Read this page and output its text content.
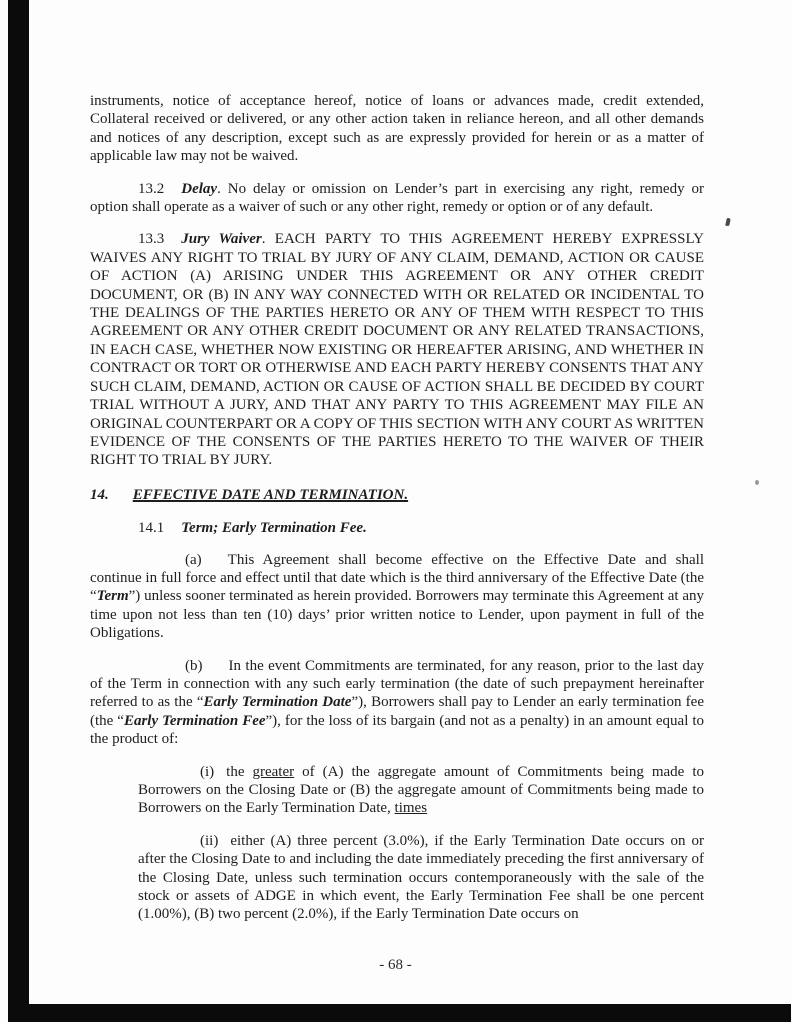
instruments, notice of acceptance hereof, notice of loans or advances made, credit extended, Collateral received or delivered, or any other action taken in reliance hereon, and all other demands and notices of any description, except such as are expressly provided for herein or as a matter of applicable law may not be waived.

13.2 Delay. No delay or omission on Lender’s part in exercising any right, remedy or option shall operate as a waiver of such or any other right, remedy or option or of any default.

13.3 Jury Waiver. EACH PARTY TO THIS AGREEMENT HEREBY EXPRESSLY WAIVES ANY RIGHT TO TRIAL BY JURY OF ANY CLAIM, DEMAND, ACTION OR CAUSE OF ACTION (A) ARISING UNDER THIS AGREEMENT OR ANY OTHER CREDIT DOCUMENT, OR (B) IN ANY WAY CONNECTED WITH OR RELATED OR INCIDENTAL TO THE DEALINGS OF THE PARTIES HERETO OR ANY OF THEM WITH RESPECT TO THIS AGREEMENT OR ANY OTHER CREDIT DOCUMENT OR ANY RELATED TRANSACTIONS, IN EACH CASE, WHETHER NOW EXISTING OR HEREAFTER ARISING, AND WHETHER IN CONTRACT OR TORT OR OTHERWISE AND EACH PARTY HEREBY CONSENTS THAT ANY SUCH CLAIM, DEMAND, ACTION OR CAUSE OF ACTION SHALL BE DECIDED BY COURT TRIAL WITHOUT A JURY, AND THAT ANY PARTY TO THIS AGREEMENT MAY FILE AN ORIGINAL COUNTERPART OR A COPY OF THIS SECTION WITH ANY COURT AS WRITTEN EVIDENCE OF THE CONSENTS OF THE PARTIES HERETO TO THE WAIVER OF THEIR RIGHT TO TRIAL BY JURY.

14. EFFECTIVE DATE AND TERMINATION.

14.1 Term; Early Termination Fee.

(a) This Agreement shall become effective on the Effective Date and shall continue in full force and effect until that date which is the third anniversary of the Effective Date (the “Term”) unless sooner terminated as herein provided. Borrowers may terminate this Agreement at any time upon not less than ten (10) days’ prior written notice to Lender, upon payment in full of the Obligations.

(b) In the event Commitments are terminated, for any reason, prior to the last day of the Term in connection with any such early termination (the date of such prepayment hereinafter referred to as the “Early Termination Date”), Borrowers shall pay to Lender an early termination fee (the “Early Termination Fee”), for the loss of its bargain (and not as a penalty) in an amount equal to the product of:

(i) the greater of (A) the aggregate amount of Commitments being made to Borrowers on the Closing Date or (B) the aggregate amount of Commitments being made to Borrowers on the Early Termination Date, times

(ii) either (A) three percent (3.0%), if the Early Termination Date occurs on or after the Closing Date to and including the date immediately preceding the first anniversary of the Closing Date, unless such termination occurs contemporaneously with the sale of the stock or assets of ADGE in which event, the Early Termination Fee shall be one percent (1.00%), (B) two percent (2.0%), if the Early Termination Date occurs on

- 68 -
